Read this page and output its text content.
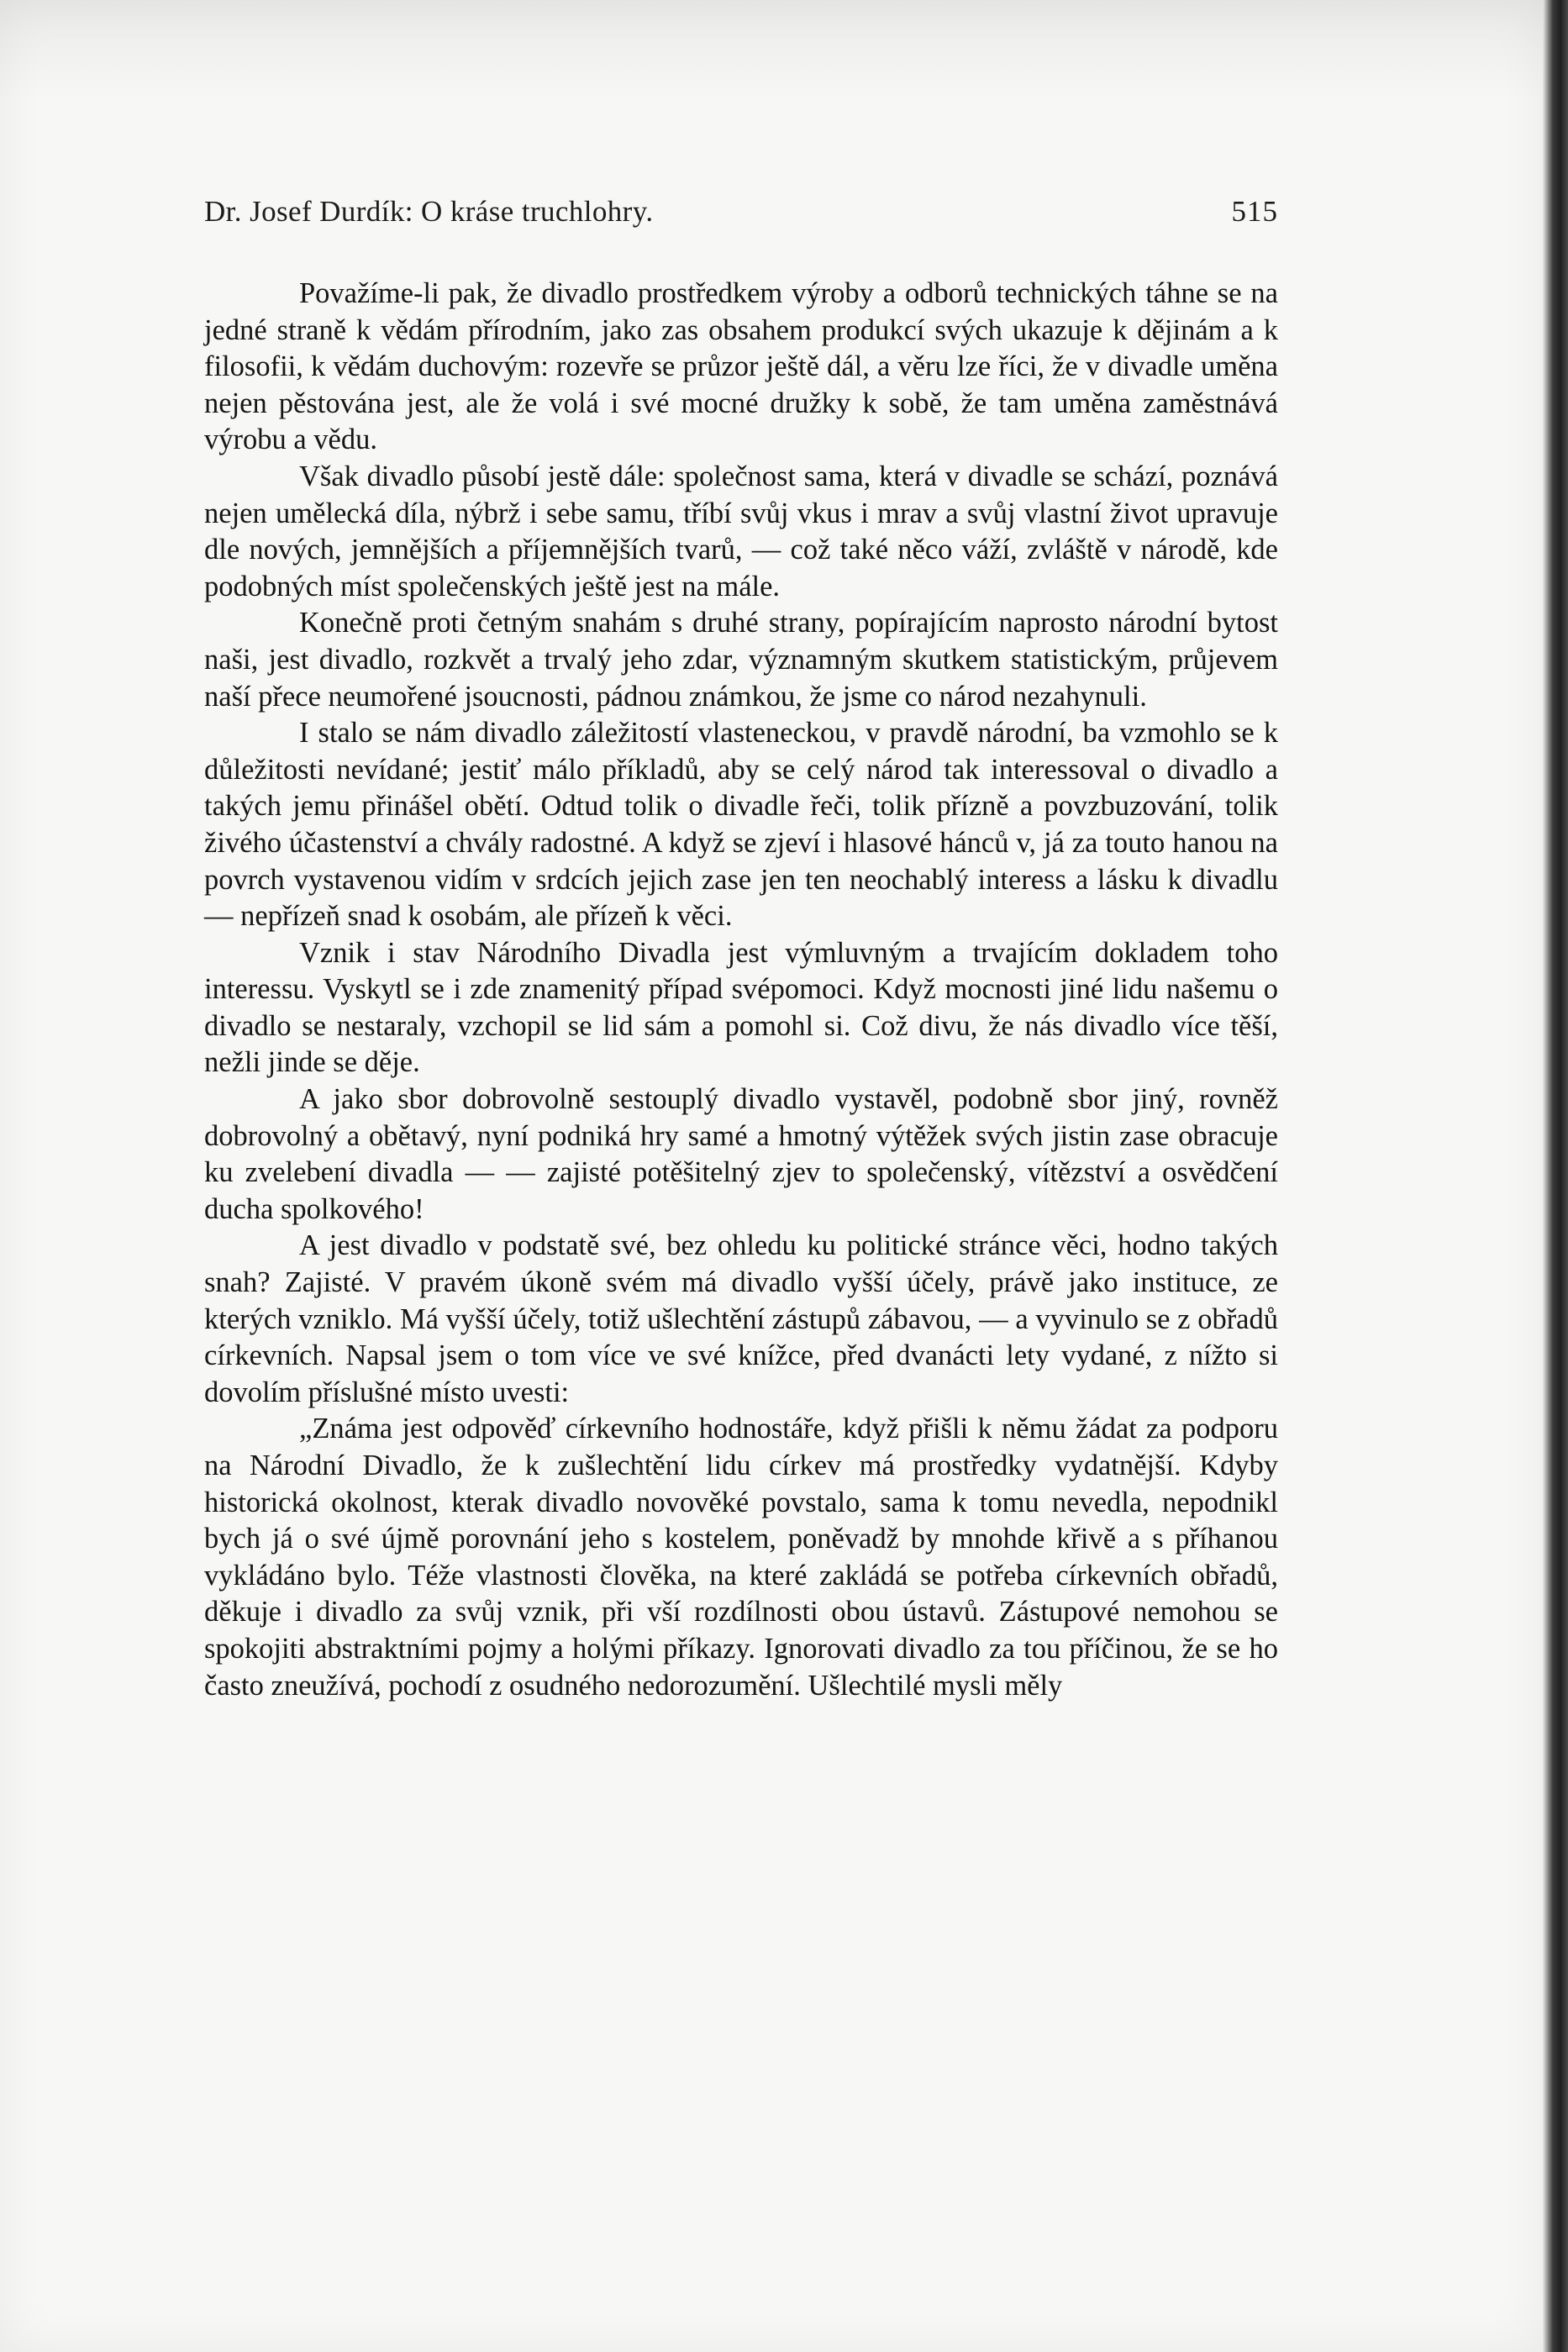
Dr. Josef Durdík: O kráse truchlohry.	515

Považíme-li pak, že divadlo prostředkem výroby a odborů technických táhne se na jedné straně k vědám přírodním, jako zas obsahem produkcí svých ukazuje k dějinám a k filosofii, k vědám duchovým: rozevře se průzor ještě dál, a věru lze říci, že v divadle uměna nejen pěstována jest, ale že volá i své mocné družky k sobě, že tam uměna zaměstnává výrobu a vědu.

Však divadlo působí jestě dále: společnost sama, která v divadle se schází, poznává nejen umělecká díla, nýbrž i sebe samu, tříbí svůj vkus i mrav a svůj vlastní život upravuje dle nových, jemnějších a příjemnějších tvarů, — což také něco váží, zvláště v národě, kde podobných míst společenských ještě jest na mále.

Konečně proti četným snahám s druhé strany, popírajícím naprosto národní bytost naši, jest divadlo, rozkvět a trvalý jeho zdar, významným skutkem statistickým, průjevem naší přece neumořené jsoucnosti, pádnou známkou, že jsme co národ nezahynuli.

I stalo se nám divadlo záležitostí vlasteneckou, v pravdě národní, ba vzmohlo se k důležitosti nevídané; jestiť málo příkladů, aby se celý národ tak interessoval o divadlo a takých jemu přinášel obětí. Odtud tolik o divadle řeči, tolik přízně a povzbuzování, tolik živého účastenství a chvály radostné. A když se zjeví i hlasové hánců v, já za touto hanou na povrch vystavenou vidím v srdcích jejich zase jen ten neochablý interess a lásku k divadlu — nepřízeň snad k osobám, ale přízeň k věci.

Vznik i stav Národního Divadla jest výmluvným a trvajícím dokladem toho interessu. Vyskytl se i zde znamenitý případ svépomoci. Když mocnosti jiné lidu našemu o divadlo se nestaraly, vzchopil se lid sám a pomohl si. Což divu, že nás divadlo více těší, nežli jinde se děje.

A jako sbor dobrovolně sestouplý divadlo vystavěl, podobně sbor jiný, rovněž dobrovolný a obětavý, nyní podniká hry samé a hmotný výtěžek svých jistin zase obracuje ku zvelebení divadla — — zajisté potěšitelný zjev to společenský, vítězství a osvědčení ducha spolkového!

A jest divadlo v podstatě své, bez ohledu ku politické stránce věci, hodno takých snah? Zajisté. V pravém úkoně svém má divadlo vyšší účely, právě jako instituce, ze kterých vzniklo. Má vyšší účely, totiž ušlechtění zástupů zábavou, — a vyvinulo se z obřadů církevních. Napsal jsem o tom více ve své knížce, před dvanácti lety vydané, z nížto si dovolím příslušné místo uvesti:

„Známa jest odpověď církevního hodnostáře, když přišli k němu žádat za podporu na Národní Divadlo, že k zušlechtění lidu církev má prostředky vydatnější. Kdyby historická okolnost, kterak divadlo novověké povstalo, sama k tomu nevedla, nepodnikl bych já o své újmě porovnání jeho s kostelem, poněvadž by mnohde křivě a s příhanou vykládáno bylo. Téže vlastnosti člověka, na které zakládá se potřeba církevních obřadů, děkuje i divadlo za svůj vznik, při vší rozdílnosti obou ústavů. Zástupové nemohou se spokojiti abstraktními pojmy a holými příkazy. Ignorovati divadlo za tou příčinou, že se ho často zneužívá, pochodí z osudného nedorozumění. Ušlechtilé mysli měly
